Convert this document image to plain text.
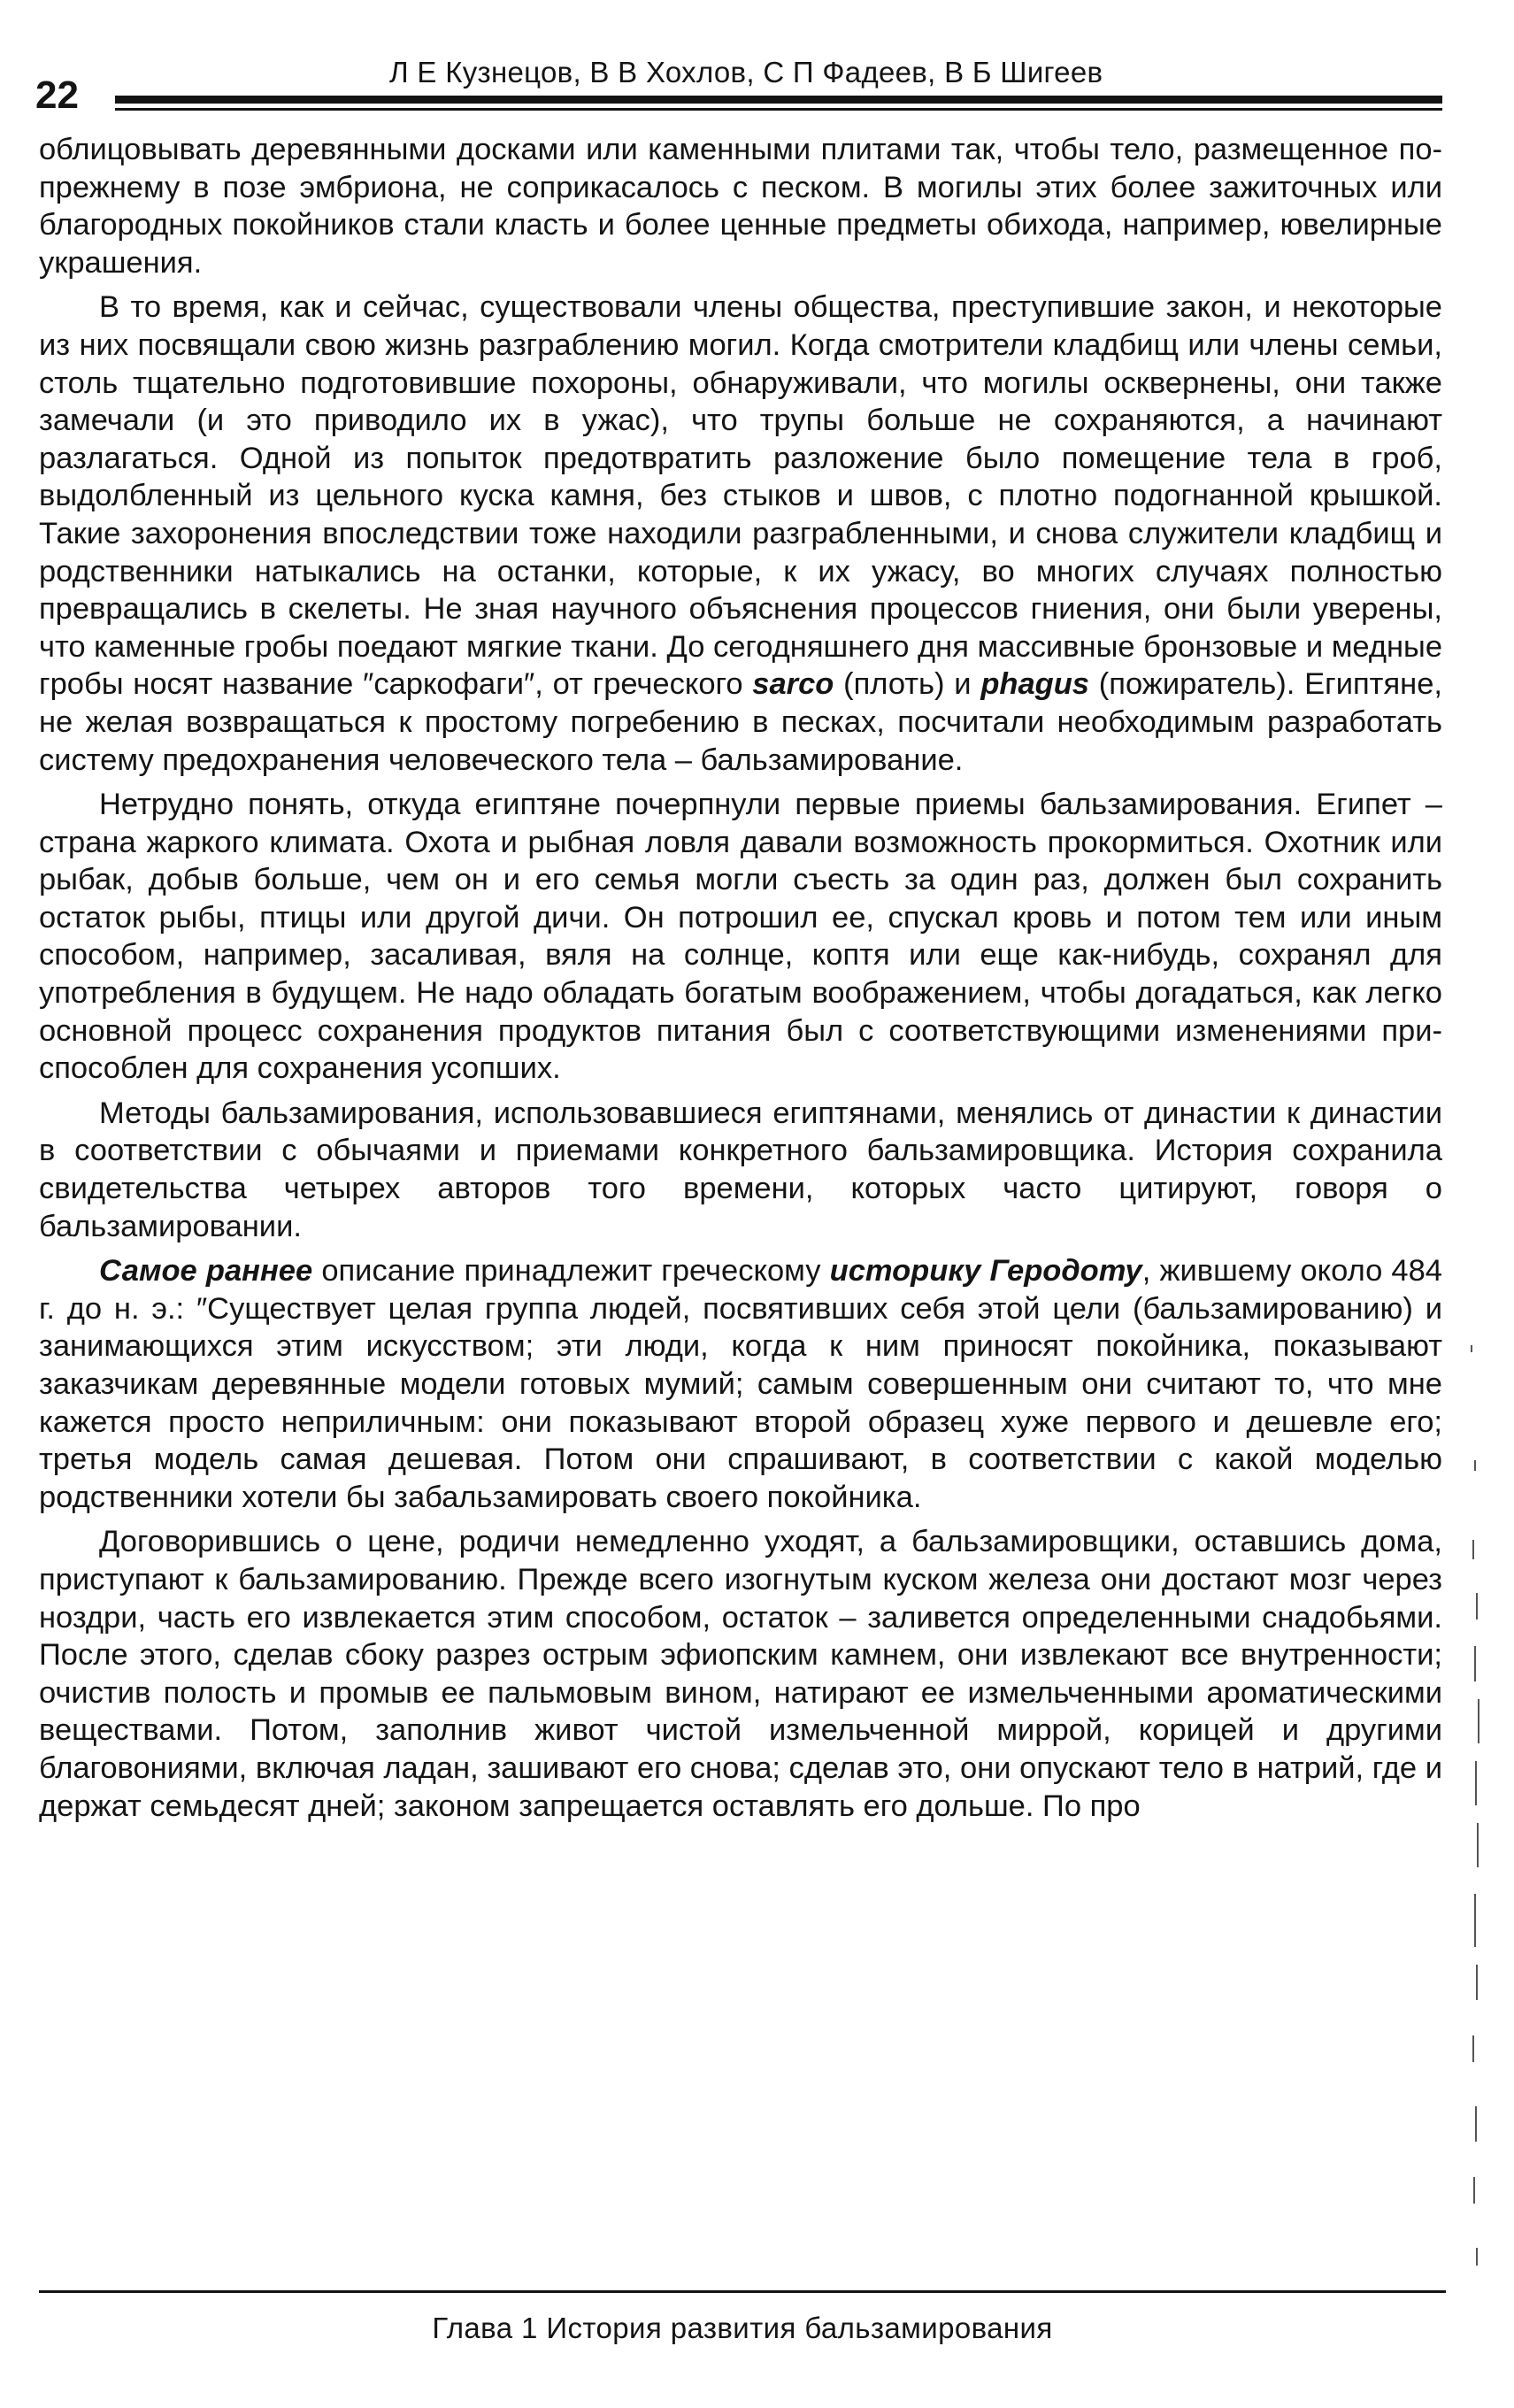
22
Л Е Кузнецов, В В Хохлов, С П Фадеев, В Б Шигеев

облицовывать деревянными досками или каменными плитами так, чтобы тело, размещенное по-прежнему в позе эмбриона, не соприкасалось с песком. В могилы этих более зажиточных или благородных покойников стали класть и более ценные предметы обихода, например, ювелирные украшения.

В то время, как и сейчас, существовали члены общества, преступившие закон, и некоторые из них посвящали свою жизнь разграблению могил. Когда смотрители кладбищ или члены семьи, столь тщательно подготовившие похороны, обнаруживали, что могилы осквернены, они также замечали (и это приводило их в ужас), что трупы больше не сохраняются, а начинают разлагаться. Одной из попыток предотвратить разложение было помещение тела в гроб, выдолбленный из цельного куска камня, без стыков и швов, с плотно подогнанной крышкой. Такие захоронения впоследствии тоже находили разграбленными, и снова служители кладбищ и родственники натыкались на останки, которые, к их ужасу, во многих случаях полностью превращались в скелеты. Не зная научного объяснения процессов гниения, они были уверены, что каменные гробы поедают мягкие ткани. До сегодняшнего дня массивные бронзовые и медные гробы носят название ″саркофаги″, от греческого sarco (плоть) и phagus (пожиратель). Египтяне, не желая возвращаться к простому погребению в песках, посчитали необходимым разработать систему предохранения человеческого тела – бальзамирование.

Нетрудно понять, откуда египтяне почерпнули первые приемы бальзамирования. Египет – страна жаркого климата. Охота и рыбная ловля давали возможность прокормиться. Охотник или рыбак, добыв больше, чем он и его семья могли съесть за один раз, должен был сохранить остаток рыбы, птицы или другой дичи. Он потрошил ее, спускал кровь и потом тем или иным способом, например, засаливая, вяля на солнце, коптя или еще как-нибудь, сохранял для употребления в будущем. Не надо обладать богатым воображением, чтобы догадаться, как легко основной процесс сохранения продуктов питания был с соответствующими изменениями приспособлен для сохранения усопших.

Методы бальзамирования, использовавшиеся египтянами, менялись от династии к династии в соответствии с обычаями и приемами конкретного бальзамировщика. История сохранила свидетельства четырех авторов того времени, которых часто цитируют, говоря о бальзамировании.

Самое раннее описание принадлежит греческому историку Геродоту, жившему около 484 г. до н. э.: ″Существует целая группа людей, посвятивших себя этой цели (бальзамированию) и занимающихся этим искусством; эти люди, когда к ним приносят покойника, показывают заказчикам деревянные модели готовых мумий; самым совершенным они считают то, что мне кажется просто неприличным: они показывают второй образец хуже первого и дешевле его; третья модель самая дешевая. Потом они спрашивают, в соответствии с какой моделью родственники хотели бы забальзамировать своего покойника.

Договорившись о цене, родичи немедленно уходят, а бальзамировщики, оставшись дома, приступают к бальзамированию. Прежде всего изогнутым куском железа они достают мозг через ноздри, часть его извлекается этим способом, остаток – заливется определенными снадобьями. После этого, сделав сбоку разрез острым эфиопским камнем, они извлекают все внутренности; очистив полость и промыв ее пальмовым вином, натирают ее измельченными ароматическими веществами. Потом, заполнив живот чистой измельченной миррой, корицей и другими благовониями, включая ладан, зашивают его снова; сделав это, они опускают тело в натрий, где и держат семьдесят дней; законом запрещается оставлять его дольше. По про

Глава 1 История развития бальзамирования
